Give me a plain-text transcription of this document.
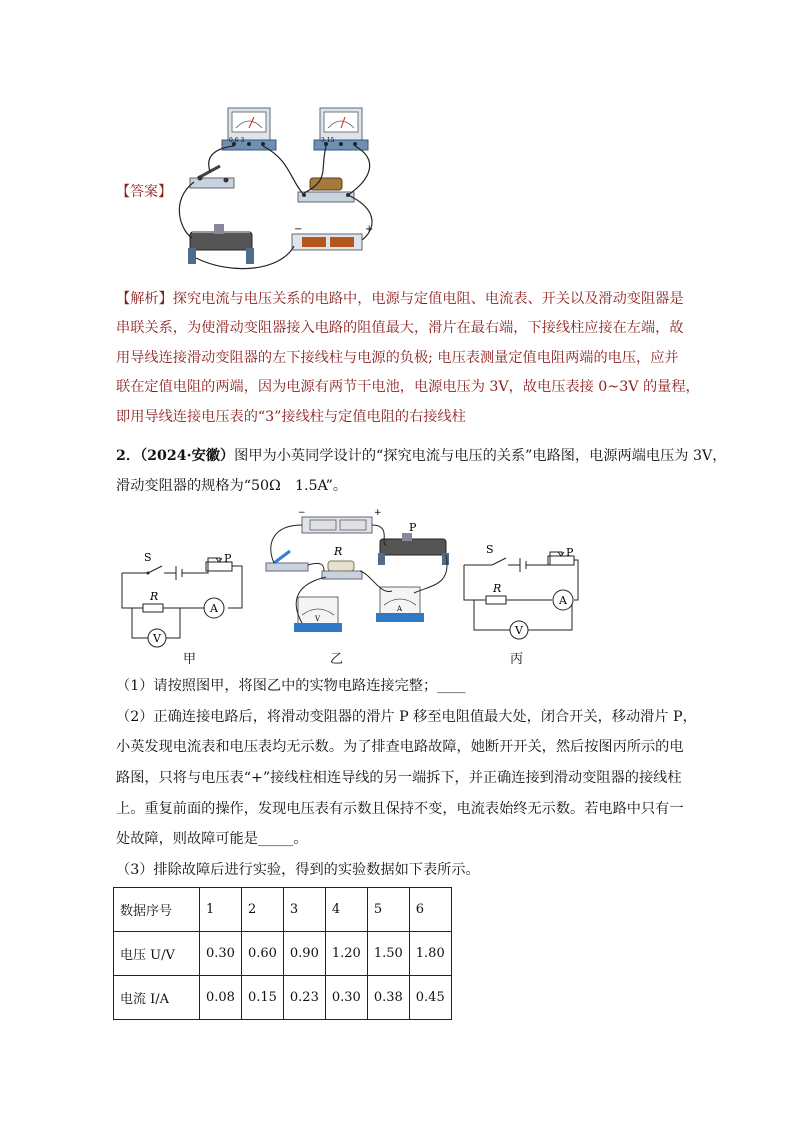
−	+
【答案】
【解析】探究电流与电压关系的电路中，电源与定值电阻、电流表、开关以及滑动变阻器是
串联关系，为使滑动变阻器接入电路的阻值最大，滑片在最右端，下接线柱应接在左端，故
用导线连接滑动变阻器的左下接线柱与电源的负极; 电压表测量定值电阻两端的电压，应并
联在定值电阻的两端，因为电源有两节干电池，电源电压为 3V，故电压表接 0~3V 的量程，
即用导线连接电压表的“3”接线柱与定值电阻的右接线柱
2．（2024·安徽）图甲为小英同学设计的“探究电流与电压的关系”电路图，电源两端电压为 3V，
滑动变阻器的规格为“50Ω　1.5A”。
S	P
R
A
V
甲
−	+
P
R
V
A
乙
S	P
R
A
V
丙
（1）请按照图甲，将图乙中的实物电路连接完整；____
（2）正确连接电路后，将滑动变阻器的滑片 P 移至电阻值最大处，闭合开关，移动滑片 P，
小英发现电流表和电压表均无示数。为了排查电路故障，她断开开关，然后按图丙所示的电
路图，只将与电压表“+”接线柱相连导线的另一端拆下，并正确连接到滑动变阻器的接线柱
上。重复前面的操作，发现电压表有示数且保持不变，电流表始终无示数。若电路中只有一
处故障，则故障可能是_____。
（3）排除故障后进行实验，得到的实验数据如下表所示。
数据序号	1	2	3	4	5	6
电压 U/V	0.30	0.60	0.90	1.20	1.50	1.80
电流 I/A	0.08	0.15	0.23	0.30	0.38	0.45
0.6 3	3 15
